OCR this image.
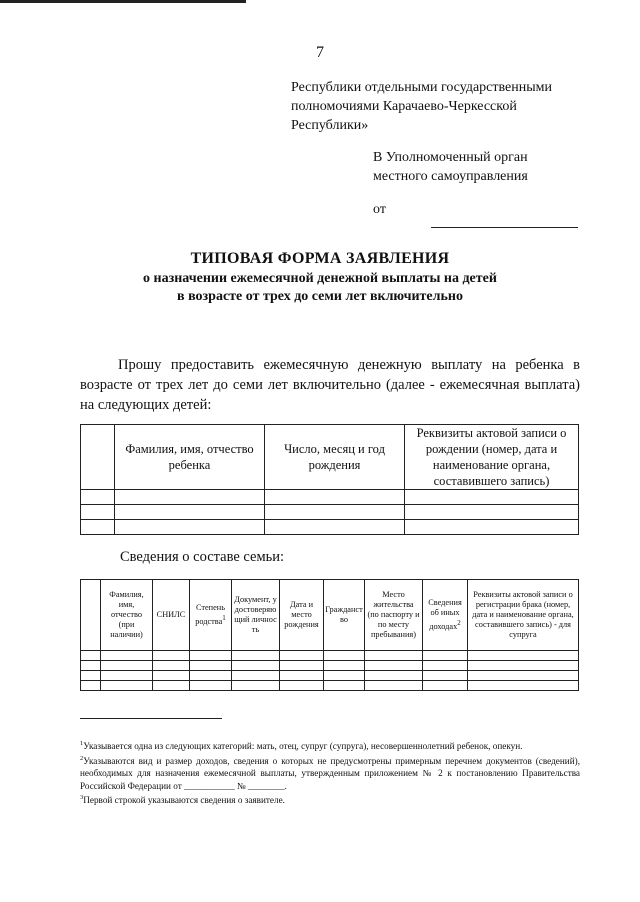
7
Республики отдельными государственными
полномочиями Карачаево-Черкесской
Республики»
В Уполномоченный орган
местного самоуправления
от
ТИПОВАЯ ФОРМА ЗАЯВЛЕНИЯ
о назначении ежемесячной денежной выплаты на детей
в возрасте от трех до семи лет включительно

Прошу предоставить ежемесячную денежную выплату на ребенка в возрасте от трех лет до семи лет включительно (далее - ежемесячная выплата) на следующих детей:

	Фамилия, имя, отчество ребенка	Число, месяц и год рождения	Реквизиты актовой записи о рождении (номер, дата и наименование органа, составившего запись)

Сведения о составе семьи:
	Фамилия, имя, отчество (при наличии)	СНИЛС	Степень родства$^1$	Документ, удостоверяющий личность	Дата и место рождения	Гражданство	Место жительства (по паспорту и по месту пребывания)	Сведения об иных доходах$^2$	Реквизиты актовой записи о регистрации брака (номер, дата и наименование органа, составившего запись) - для супруга

$^1$Указывается одна из следующих категорий: мать, отец, супруг (супруга), несовершеннолетний ребенок, опекун.
$^2$Указываются вид и размер доходов, сведения о которых не предусмотрены примерным перечнем документов (сведений), необходимых для назначения ежемесячной выплаты, утвержденным приложением № 2 к постановлению Правительства Российской Федерации от ___________ № ________.
$^3$Первой строкой указываются сведения о заявителе.
